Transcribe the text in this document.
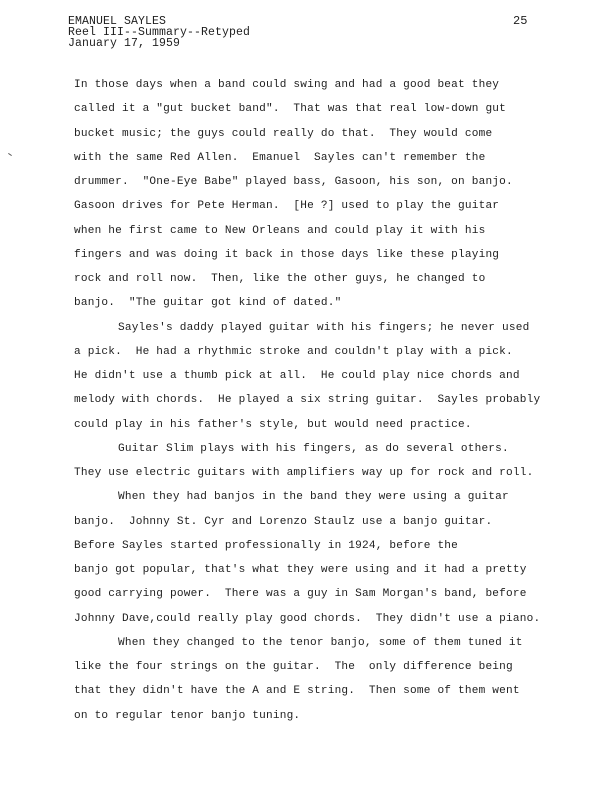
EMANUEL SAYLES
Reel III--Summary--Retyped
January 17, 1959
25
In those days when a band could swing and had a good beat they
called it a "gut bucket band".  That was that real low-down gut
bucket music; the guys could really do that.  They would come
with the same Red Allen.  Emanuel  Sayles can't remember the
drummer.  "One-Eye Babe" played bass, Gasoon, his son, on banjo.
Gasoon drives for Pete Herman.  [He ?] used to play the guitar
when he first came to New Orleans and could play it with his
fingers and was doing it back in those days like these playing
rock and roll now.  Then, like the other guys, he changed to
banjo.  "The guitar got kind of dated."
Sayles's daddy played guitar with his fingers; he never used
a pick.  He had a rhythmic stroke and couldn't play with a pick.
He didn't use a thumb pick at all.  He could play nice chords and
melody with chords.  He played a six string guitar.  Sayles probably
could play in his father's style, but would need practice.
Guitar Slim plays with his fingers, as do several others.
They use electric guitars with amplifiers way up for rock and roll.
When they had banjos in the band they were using a guitar
banjo.  Johnny St. Cyr and Lorenzo Staulz use a banjo guitar.
Before Sayles started professionally in 1924, before the
banjo got popular, that's what they were using and it had a pretty
good carrying power.  There was a guy in Sam Morgan's band, before
Johnny Dave,could really play good chords.  They didn't use a piano.
When they changed to the tenor banjo, some of them tuned it
like the four strings on the guitar.  The  only difference being
that they didn't have the A and E string.  Then some of them went
on to regular tenor banjo tuning.
